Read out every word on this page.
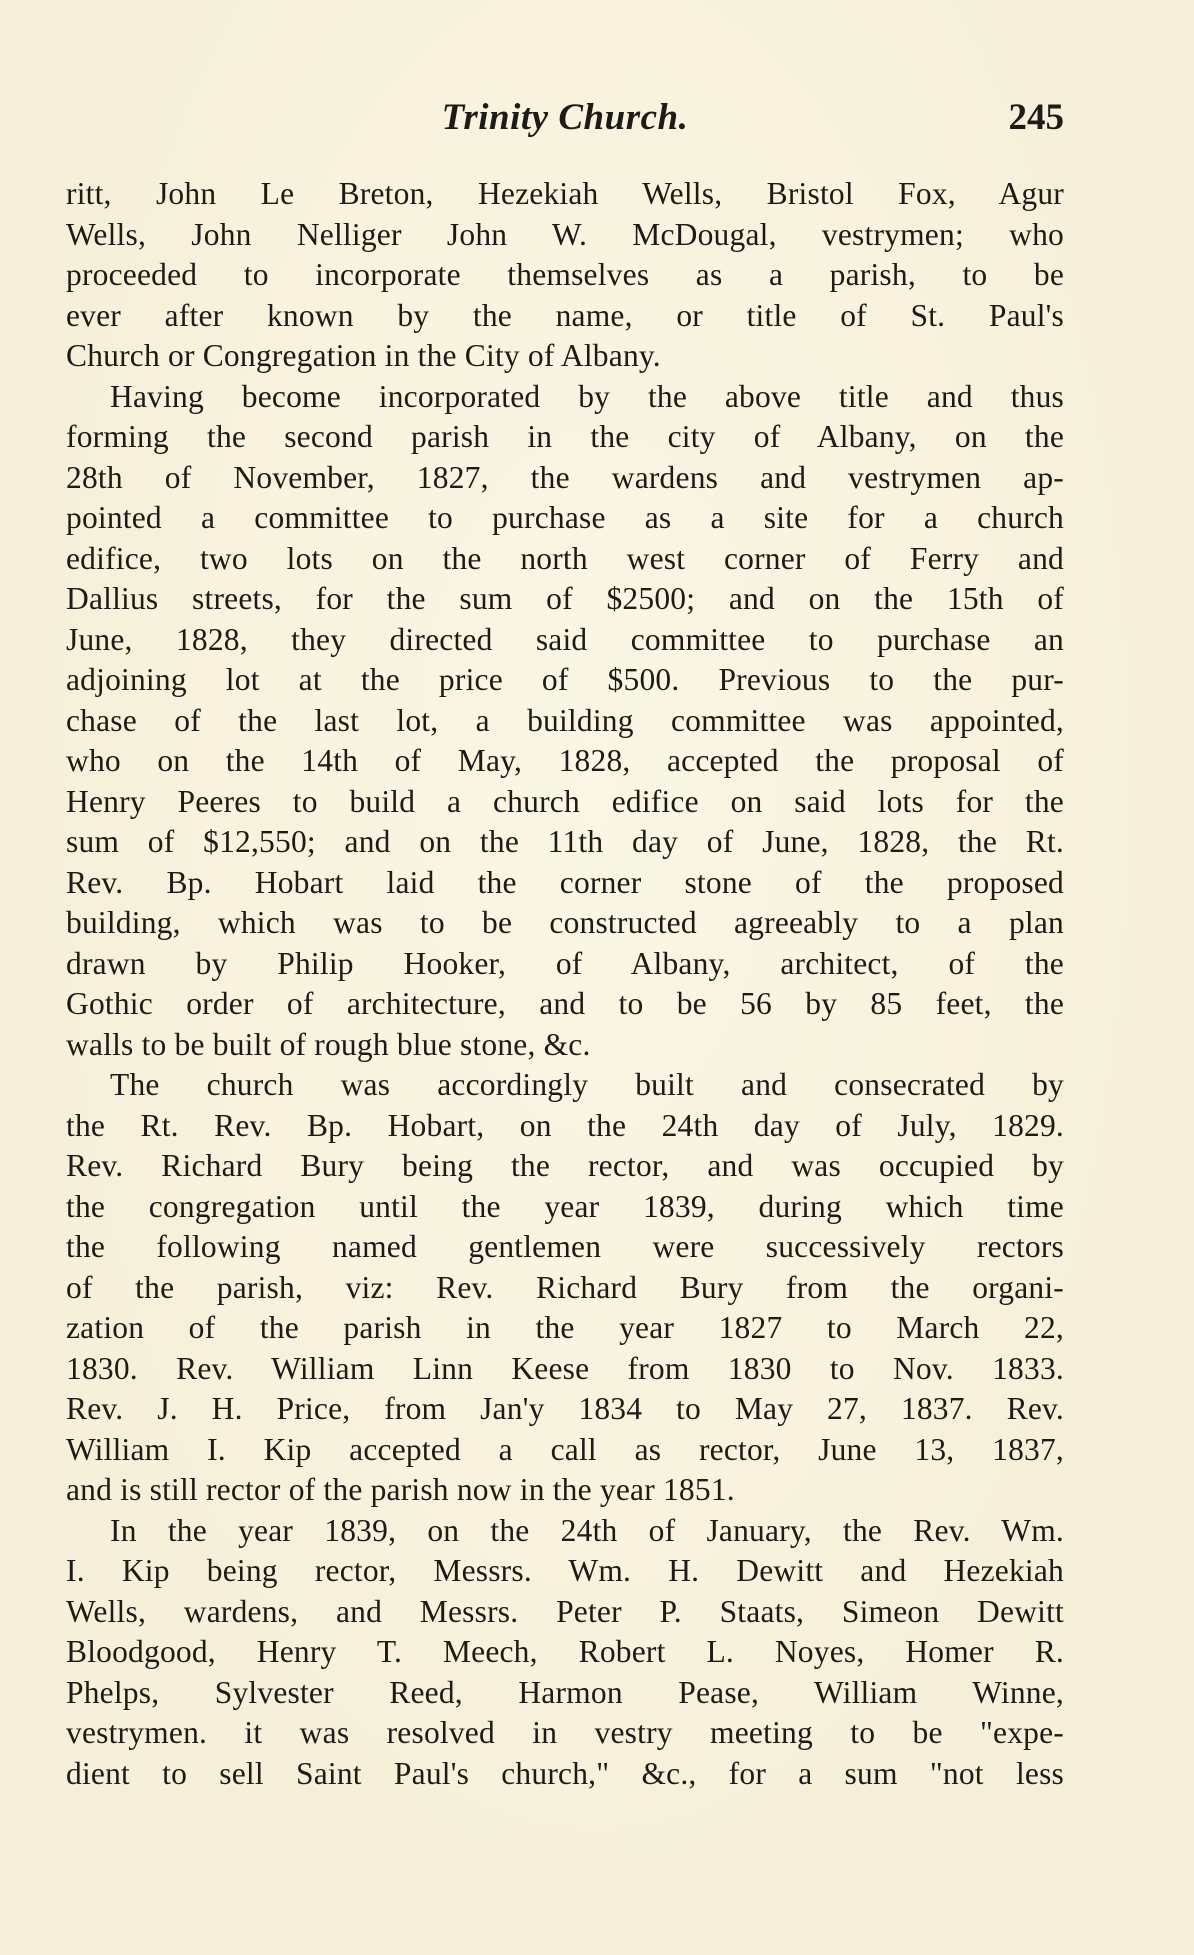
Trinity Church.	245
ritt, John Le Breton, Hezekiah Wells, Bristol Fox, Agur
Wells, John Nelliger John W. McDougal, vestrymen; who
proceeded to incorporate themselves as a parish, to be
ever after known by the name, or title of St. Paul's
Church or Congregation in the City of Albany.
Having become incorporated by the above title and thus
forming the second parish in the city of Albany, on the
28th of November, 1827, the wardens and vestrymen ap-
pointed a committee to purchase as a site for a church
edifice, two lots on the north west corner of Ferry and
Dallius streets, for the sum of $2500; and on the 15th of
June, 1828, they directed said committee to purchase an
adjoining lot at the price of $500. Previous to the pur-
chase of the last lot, a building committee was appointed,
who on the 14th of May, 1828, accepted the proposal of
Henry Peeres to build a church edifice on said lots for the
sum of $12,550; and on the 11th day of June, 1828, the Rt.
Rev. Bp. Hobart laid the corner stone of the proposed
building, which was to be constructed agreeably to a plan
drawn by Philip Hooker, of Albany, architect, of the
Gothic order of architecture, and to be 56 by 85 feet, the
walls to be built of rough blue stone, &c.
The church was accordingly built and consecrated by
the Rt. Rev. Bp. Hobart, on the 24th day of July, 1829.
Rev. Richard Bury being the rector, and was occupied by
the congregation until the year 1839, during which time
the following named gentlemen were successively rectors
of the parish, viz: Rev. Richard Bury from the organi-
zation of the parish in the year 1827 to March 22,
1830. Rev. William Linn Keese from 1830 to Nov. 1833.
Rev. J. H. Price, from Jan'y 1834 to May 27, 1837. Rev.
William I. Kip accepted a call as rector, June 13, 1837,
and is still rector of the parish now in the year 1851.
In the year 1839, on the 24th of January, the Rev. Wm.
I. Kip being rector, Messrs. Wm. H. Dewitt and Hezekiah
Wells, wardens, and Messrs. Peter P. Staats, Simeon Dewitt
Bloodgood, Henry T. Meech, Robert L. Noyes, Homer R.
Phelps, Sylvester Reed, Harmon Pease, William Winne,
vestrymen. it was resolved in vestry meeting to be "expe-
dient to sell Saint Paul's church," &c., for a sum "not less
